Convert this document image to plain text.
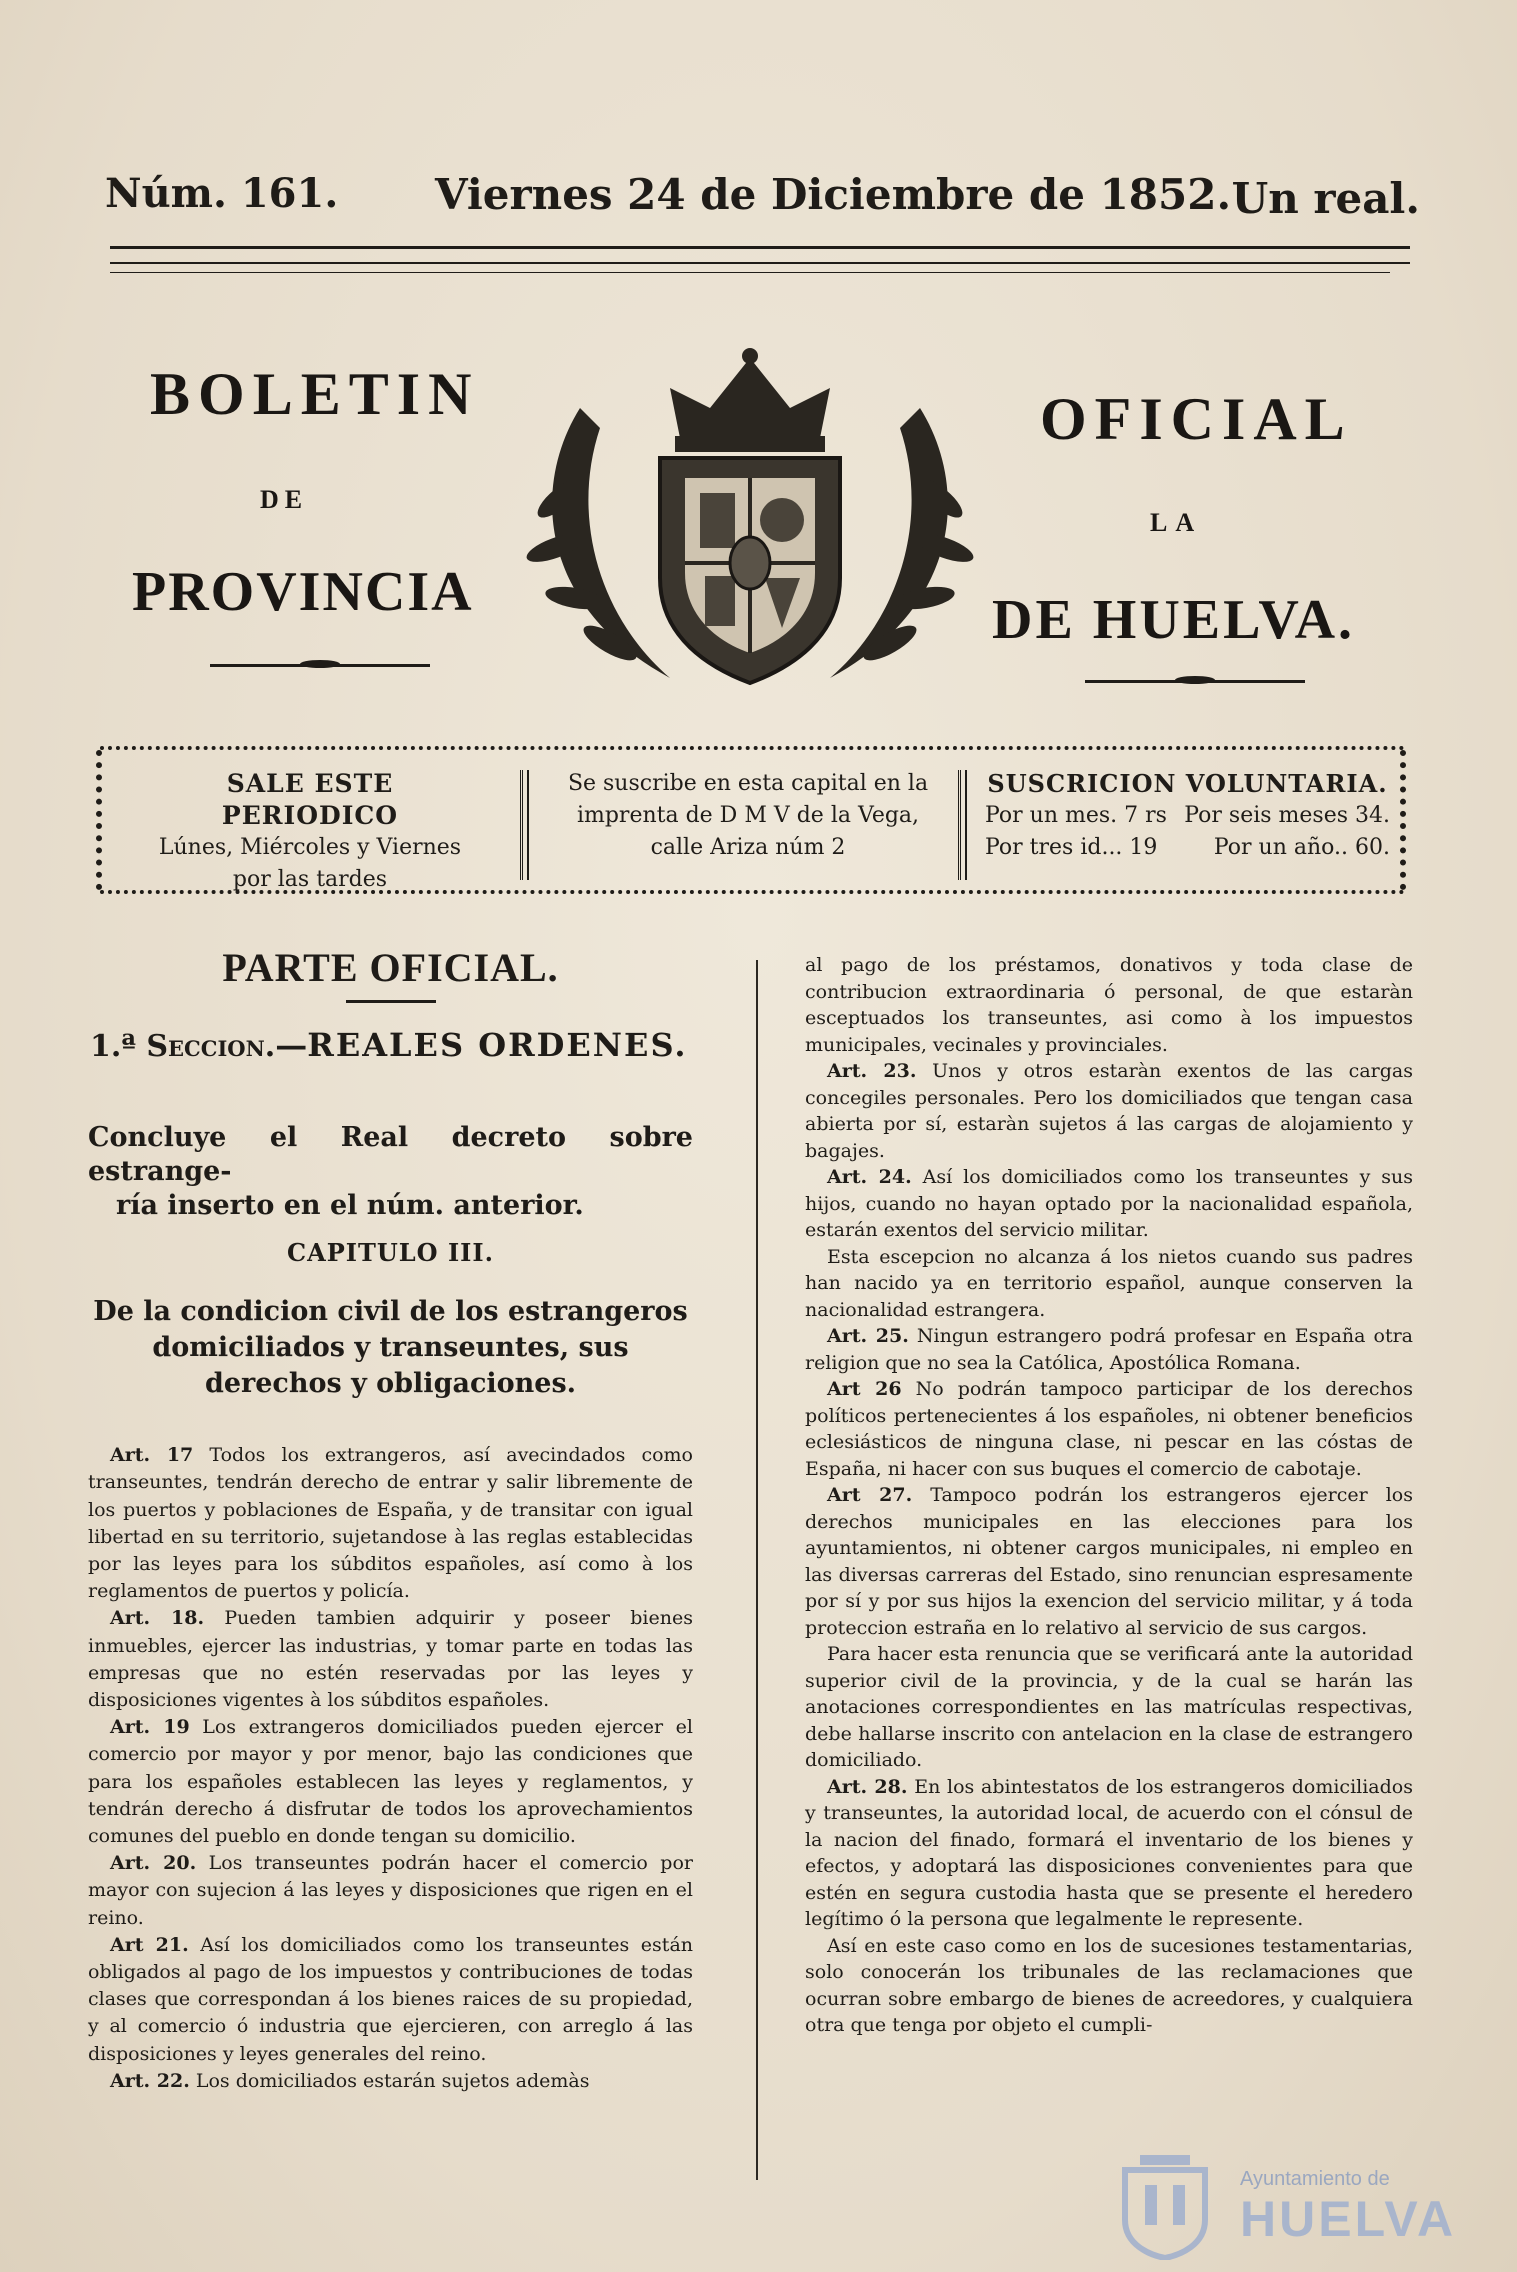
Núm. 161. Viernes 24 de Diciembre de 1852. Un real.
BOLETIN
DE
PROVINCIA
OFICIAL
LA
DE HUELVA.
SALE ESTE PERIODICO
Lúnes, Miércoles y Viernes
por las tardes
Se suscribe en esta capital en la
imprenta de D M V de la Vega,
calle Ariza núm 2
SUSCRICION VOLUNTARIA.
Por un mes. 7 rs Por seis meses 34.
Por tres id... 19	Por un año.. 60.
PARTE OFICIAL.
1.ª Seccion.—REALES ORDENES.
Concluye el Real decreto sobre estrange-
ría inserto en el núm. anterior.
CAPITULO III.
De la condicion civil de los estrangeros domiciliados y transeuntes, sus derechos y obligaciones.

Art. 17 Todos los extrangeros, así avecindados como transeuntes, tendrán derecho de entrar y salir libremente de los puertos y poblaciones de España, y de transitar con igual libertad en su territorio, sujetandose à las reglas establecidas por las leyes para los súbditos españoles, así como à los reglamentos de puertos y policía.

Art. 18. Pueden tambien adquirir y poseer bienes inmuebles, ejercer las industrias, y tomar parte en todas las empresas que no estén reservadas por las leyes y disposiciones vigentes à los súbditos españoles.

Art. 19 Los extrangeros domiciliados pueden ejercer el comercio por mayor y por menor, bajo las condiciones que para los españoles establecen las leyes y reglamentos, y tendrán derecho á disfrutar de todos los aprovechamientos comunes del pueblo en donde tengan su domicilio.

Art. 20. Los transeuntes podrán hacer el comercio por mayor con sujecion á las leyes y disposiciones que rigen en el reino.

Art 21. Así los domiciliados como los transeuntes están obligados al pago de los impuestos y contribuciones de todas clases que correspondan á los bienes raices de su propiedad, y al comercio ó industria que ejercieren, con arreglo á las disposiciones y leyes generales del reino.

Art. 22. Los domiciliados estarán sujetos ademàs

al pago de los préstamos, donativos y toda clase de contribucion extraordinaria ó personal, de que estaràn esceptuados los transeuntes, asi como à los impuestos municipales, vecinales y provinciales.

Art. 23. Unos y otros estaràn exentos de las cargas concegiles personales. Pero los domiciliados que tengan casa abierta por sí, estaràn sujetos á las cargas de alojamiento y bagajes.

Art. 24. Así los domiciliados como los transeuntes y sus hijos, cuando no hayan optado por la nacionalidad española, estarán exentos del servicio militar.

Esta escepcion no alcanza á los nietos cuando sus padres han nacido ya en territorio español, aunque conserven la nacionalidad estrangera.

Art. 25. Ningun estrangero podrá profesar en España otra religion que no sea la Católica, Apostólica Romana.

Art 26 No podrán tampoco participar de los derechos políticos pertenecientes á los españoles, ni obtener beneficios eclesiásticos de ninguna clase, ni pescar en las cóstas de España, ni hacer con sus buques el comercio de cabotaje.

Art 27. Tampoco podrán los estrangeros ejercer los derechos municipales en las elecciones para los ayuntamientos, ni obtener cargos municipales, ni empleo en las diversas carreras del Estado, sino renuncian espresamente por sí y por sus hijos la exencion del servicio militar, y á toda proteccion estraña en lo relativo al servicio de sus cargos.

Para hacer esta renuncia que se verificará ante la autoridad superior civil de la provincia, y de la cual se harán las anotaciones correspondientes en las matrículas respectivas, debe hallarse inscrito con antelacion en la clase de estrangero domiciliado.

Art. 28. En los abintestatos de los estrangeros domiciliados y transeuntes, la autoridad local, de acuerdo con el cónsul de la nacion del finado, formará el inventario de los bienes y efectos, y adoptará las disposiciones convenientes para que estén en segura custodia hasta que se presente el heredero legítimo ó la persona que legalmente le represente.

Así en este caso como en los de sucesiones testamentarias, solo conocerán los tribunales de las reclamaciones que ocurran sobre embargo de bienes de acreedores, y cualquiera otra que tenga por objeto el cumpli-

Ayuntamiento de
HUELVA
